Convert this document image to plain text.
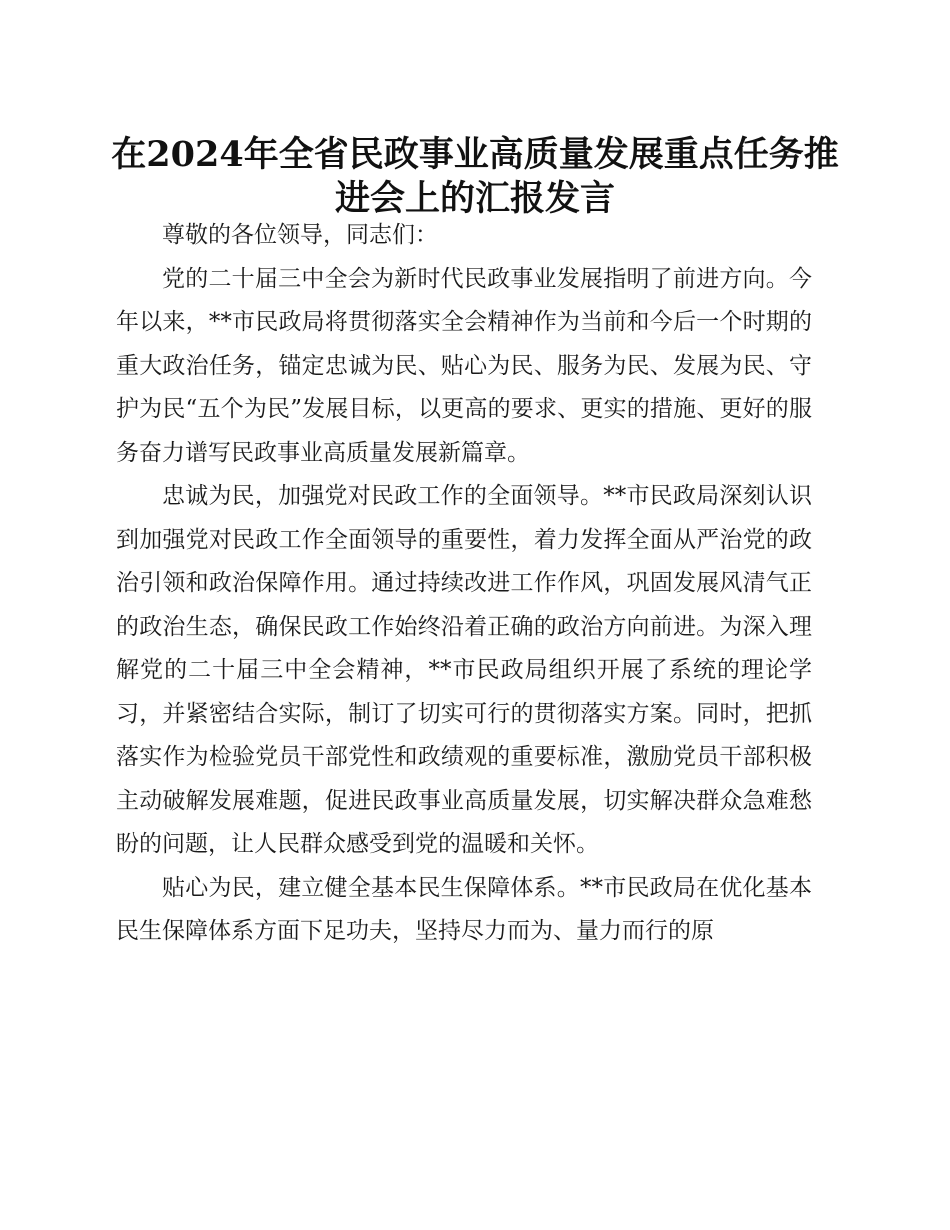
在2024年全省民政事业高质量发展重点任务推进会上的汇报发言

尊敬的各位领导，同志们：

党的二十届三中全会为新时代民政事业发展指明了前进方向。今年以来，**市民政局将贯彻落实全会精神作为当前和今后一个时期的重大政治任务，锚定忠诚为民、贴心为民、服务为民、发展为民、守护为民“五个为民”发展目标，以更高的要求、更实的措施、更好的服务奋力谱写民政事业高质量发展新篇章。

忠诚为民，加强党对民政工作的全面领导。**市民政局深刻认识到加强党对民政工作全面领导的重要性，着力发挥全面从严治党的政治引领和政治保障作用。通过持续改进工作作风，巩固发展风清气正的政治生态，确保民政工作始终沿着正确的政治方向前进。为深入理解党的二十届三中全会精神，**市民政局组织开展了系统的理论学习，并紧密结合实际，制订了切实可行的贯彻落实方案。同时，把抓落实作为检验党员干部党性和政绩观的重要标准，激励党员干部积极主动破解发展难题，促进民政事业高质量发展，切实解决群众急难愁盼的问题，让人民群众感受到党的温暖和关怀。

贴心为民，建立健全基本民生保障体系。**市民政局在优化基本民生保障体系方面下足功夫，坚持尽力而为、量力而行的原
